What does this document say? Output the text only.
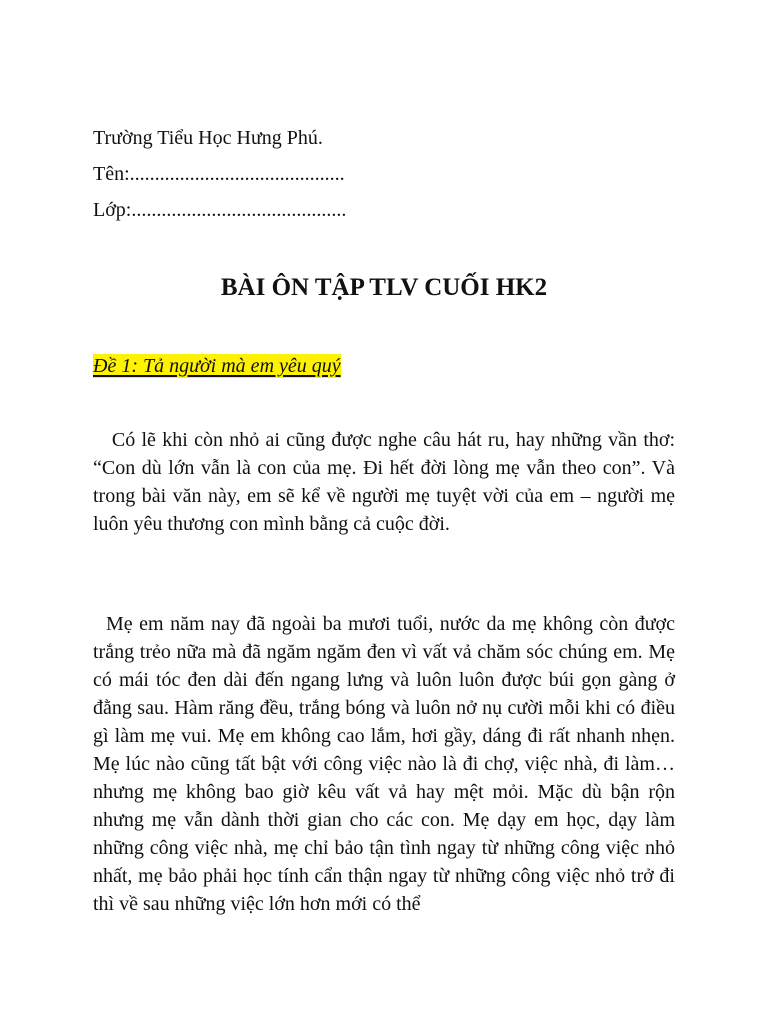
Trường Tiểu Học Hưng Phú.
Tên:...........................................
Lớp:...........................................
BÀI ÔN TẬP TLV CUỐI HK2
Đề 1: Tả người mà em yêu quý

Có lẽ khi còn nhỏ ai cũng được nghe câu hát ru, hay những vần thơ: “Con dù lớn vẫn là con của mẹ. Đi hết đời lòng mẹ vẫn theo con”. Và trong bài văn này, em sẽ kể về người mẹ tuyệt vời của em – người mẹ luôn yêu thương con mình bằng cả cuộc đời.

Mẹ em năm nay đã ngoài ba mươi tuổi, nước da mẹ không còn được trắng trẻo nữa mà đã ngăm ngăm đen vì vất vả chăm sóc chúng em. Mẹ có mái tóc đen dài đến ngang lưng và luôn luôn được búi gọn gàng ở đằng sau. Hàm răng đều, trắng bóng và luôn nở nụ cười mỗi khi có điều gì làm mẹ vui. Mẹ em không cao lắm, hơi gầy, dáng đi rất nhanh nhẹn. Mẹ lúc nào cũng tất bật với công việc nào là đi chợ, việc nhà, đi làm…nhưng mẹ không bao giờ kêu vất vả hay mệt mỏi. Mặc dù bận rộn nhưng mẹ vẫn dành thời gian cho các con. Mẹ dạy em học, dạy làm những công việc nhà, mẹ chỉ bảo tận tình ngay từ những công việc nhỏ nhất, mẹ bảo phải học tính cẩn thận ngay từ những công việc nhỏ trở đi thì về sau những việc lớn hơn mới có thể
